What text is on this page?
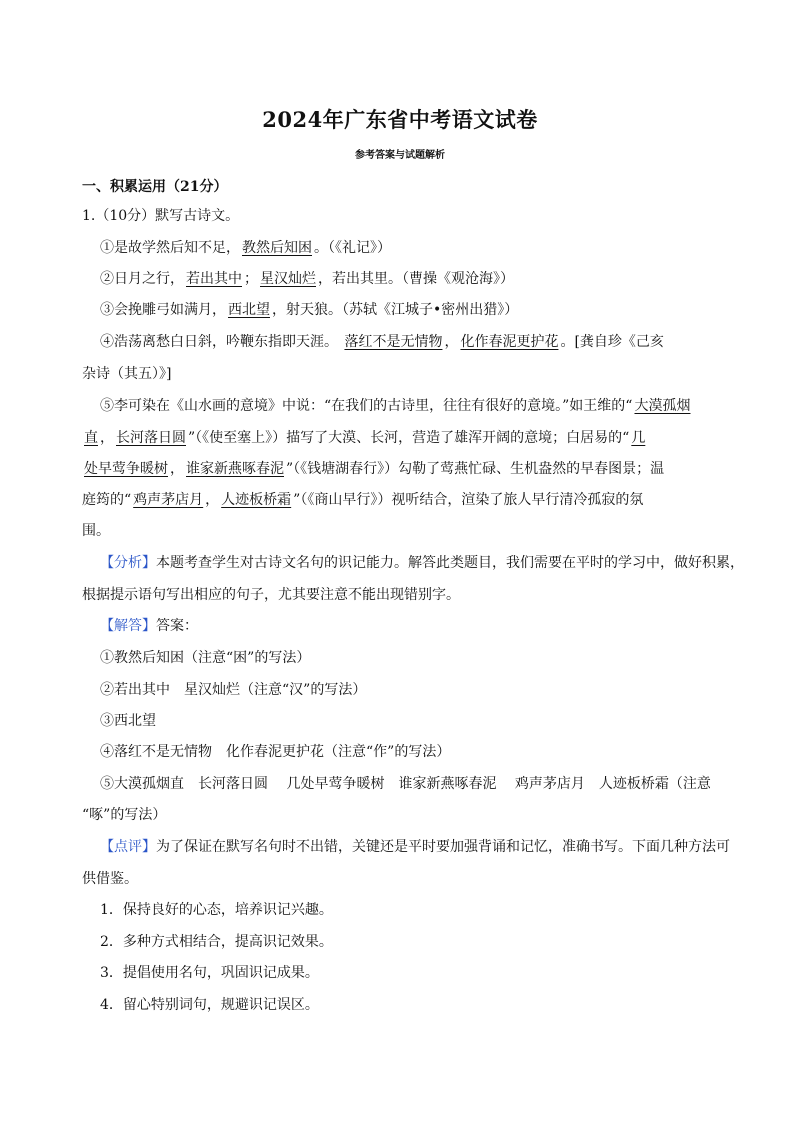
2024年广东省中考语文试卷
参考答案与试题解析
一、积累运用（21分）
1.（10分）默写古诗文。
①是故学然后知不足， 教然后知困 。（《礼记》）
②日月之行， 若出其中 ； 星汉灿烂 ，若出其里。（曹操《观沧海》）
③会挽雕弓如满月， 西北望 ，射天狼。（苏轼《江城子•密州出猎》）
④浩荡离愁白日斜，吟鞭东指即天涯。 落红不是无情物 ， 化作春泥更护花 。[龚自珍《己亥
杂诗（其五）》]
⑤李可染在《山水画的意境》中说：“在我们的古诗里，往往有很好的意境。”如王维的“ 大漠孤烟
直 ， 长河落日圆 ”（《使至塞上》）描写了大漠、长河，营造了雄浑开阔的意境；白居易的“ 几
处早莺争暖树 ， 谁家新燕啄春泥 ”（《钱塘湖春行》）勾勒了莺燕忙碌、生机盎然的早春图景；温
庭筠的“ 鸡声茅店月 ， 人迹板桥霜 ”（《商山早行》）视听结合，渲染了旅人早行清冷孤寂的氛
围。
【分析】本题考查学生对古诗文名句的识记能力。解答此类题目，我们需要在平时的学习中，做好积累，
根据提示语句写出相应的句子，尤其要注意不能出现错别字。
【解答】答案：
①教然后知困（注意“困”的写法）
②若出其中　星汉灿烂（注意“汉”的写法）
③西北望
④落红不是无情物　化作春泥更护花（注意“作”的写法）
⑤大漠孤烟直　长河落日圆　 几处早莺争暖树　谁家新燕啄春泥　 鸡声茅店月　人迹板桥霜（注意
“啄”的写法）
【点评】为了保证在默写名句时不出错，关键还是平时要加强背诵和记忆，准确书写。下面几种方法可
供借鉴。
1．保持良好的心态，培养识记兴趣。
2．多种方式相结合，提高识记效果。
3．提倡使用名句，巩固识记成果。
4．留心特别词句，规避识记误区。
